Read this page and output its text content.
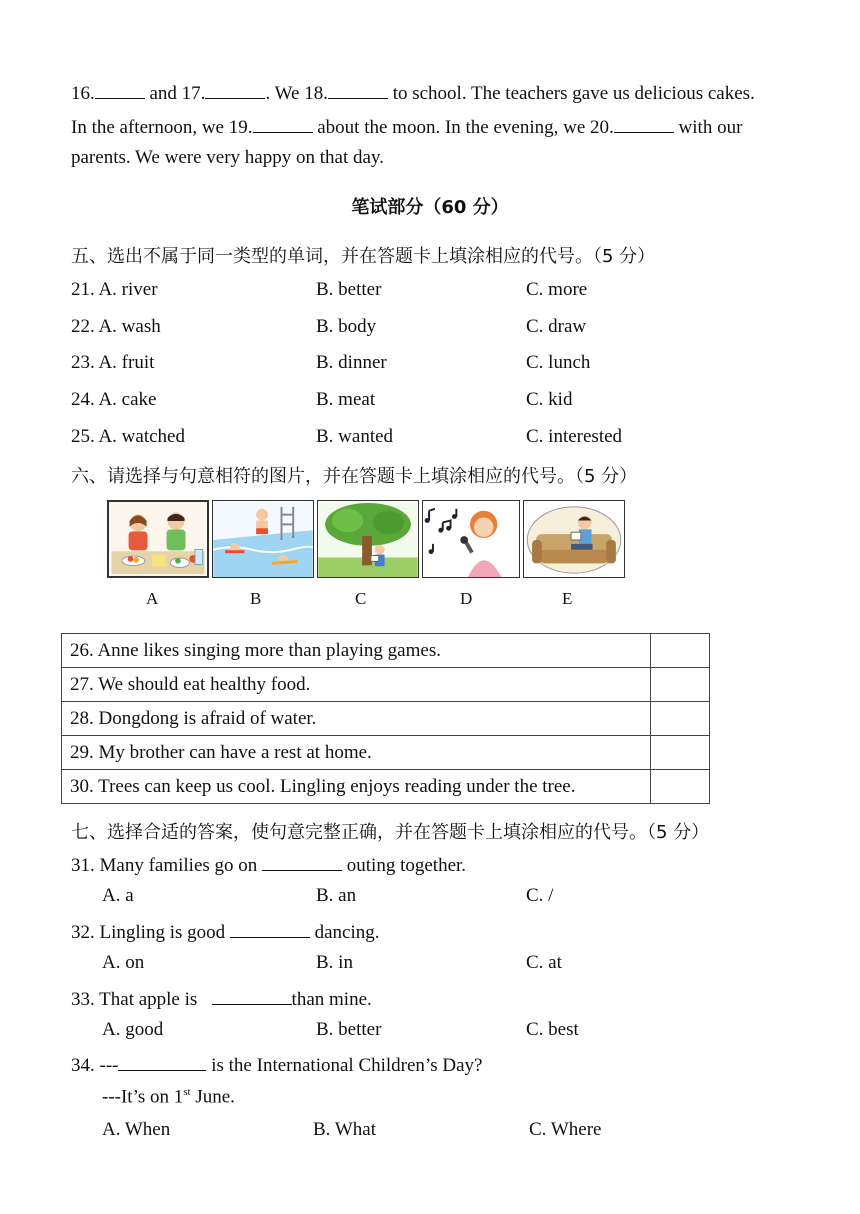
16.	and 17.	. We 18.	to school. The teachers gave us delicious cakes.
In the afternoon, we 19.	about the moon. In the evening, we 20.	with our
parents. We were very happy on that day.
笔试部分（60 分）
五、选出不属于同一类型的单词，并在答题卡上填涂相应的代号。（5 分）
21. A. river	B. better	C. more
22. A. wash	B. body	C. draw
23. A. fruit	B. dinner	C. lunch
24. A. cake	B. meat	C. kid
25. A. watched	B. wanted	C. interested
六、请选择与句意相符的图片，并在答题卡上填涂相应的代号。（5 分）
A	B	C	D	E
26. Anne likes singing more than playing games.	
27. We should eat healthy food.	
28. Dongdong is afraid of water.	
29. My brother can have a rest at home.	
30. Trees can keep us cool. Lingling enjoys reading under the tree.	
七、选择合适的答案，使句意完整正确，并在答题卡上填涂相应的代号。（5 分）
31. Many families go on	outing together.
A. a	B. an	C. /
32. Lingling is good	dancing.
A. on	B. in	C. at
33. That apple is	than mine.
A. good	B. better	C. best
34. ---	is the International Children’s Day?
---It’s on 1st June.
A. When	B. What	C. Where
